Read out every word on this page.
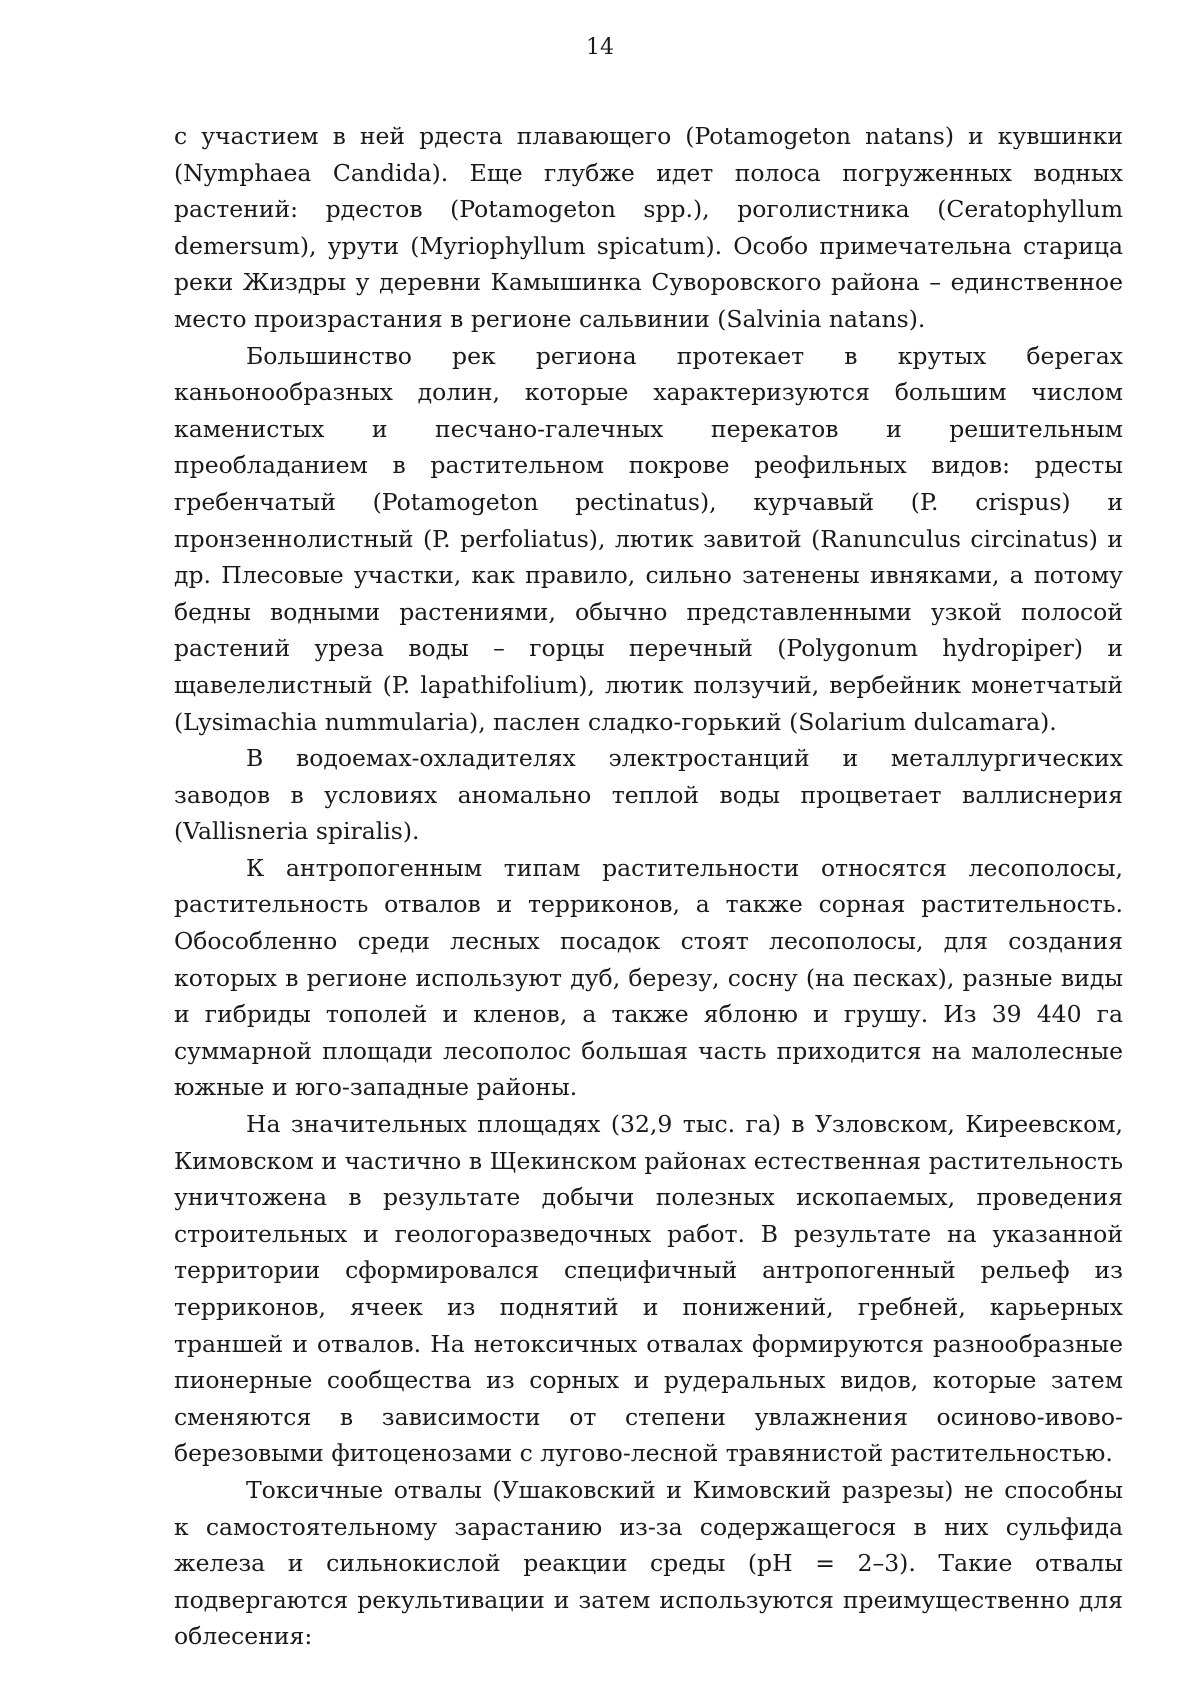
14

с участием в ней рдеста плавающего (Potamogeton natans) и кувшинки (Nymphaea Candida). Еще глубже идет полоса погруженных водных растений: рдестов (Potamogeton spp.), роголистника (Ceratophyllum demersum), урути (Myriophyllum spicatum). Особо примечательна старица реки Жиздры у деревни Камышинка Суворовского района – единственное место произрастания в регионе сальвинии (Salvinia natans).

Большинство рек региона протекает в крутых берегах каньонообразных долин, которые характеризуются большим числом каменистых и песчано-галечных перекатов и решительным преобладанием в растительном покрове реофильных видов: рдесты гребенчатый (Potamogeton pectinatus), курчавый (P. crispus) и пронзеннолистный (P. perfoliatus), лютик завитой (Ranunculus circinatus) и др. Плесовые участки, как правило, сильно затенены ивняками, а потому бедны водными растениями, обычно представленными узкой полосой растений уреза воды – горцы перечный (Polygonum hydropiper) и щавелелистный (P. lapathifolium), лютик ползучий, вербейник монетчатый (Lysimachia nummularia), паслен сладко-горький (Solarium dulcamara).

В водоемах-охладителях электростанций и металлургических заводов в условиях аномально теплой воды процветает валлиснерия (Vallisneria spiralis).

К антропогенным типам растительности относятся лесополосы, растительность отвалов и терриконов, а также сорная растительность. Обособленно среди лесных посадок стоят лесополосы, для создания которых в регионе используют дуб, березу, сосну (на песках), разные виды и гибриды тополей и кленов, а также яблоню и грушу. Из 39 440 га суммарной площади лесополос большая часть приходится на малолесные южные и юго-западные районы.

На значительных площадях (32,9 тыс. га) в Узловском, Киреевском, Кимовском и частично в Щекинском районах естественная растительность уничтожена в результате добычи полезных ископаемых, проведения строительных и геологоразведочных работ. В результате на указанной территории сформировался специфичный антропогенный рельеф из терриконов, ячеек из поднятий и понижений, гребней, карьерных траншей и отвалов. На нетоксичных отвалах формируются разнообразные пионерные сообщества из сорных и рудеральных видов, которые затем сменяются в зависимости от степени увлажнения осиново-ивово-березовыми фитоценозами с лугово-лесной травянистой растительностью.

Токсичные отвалы (Ушаковский и Кимовский разрезы) не способны к самостоятельному зарастанию из-за содержащегося в них сульфида железа и сильнокислой реакции среды (pH = 2–3). Такие отвалы подвергаются рекультивации и затем используются преимущественно для облесения:
